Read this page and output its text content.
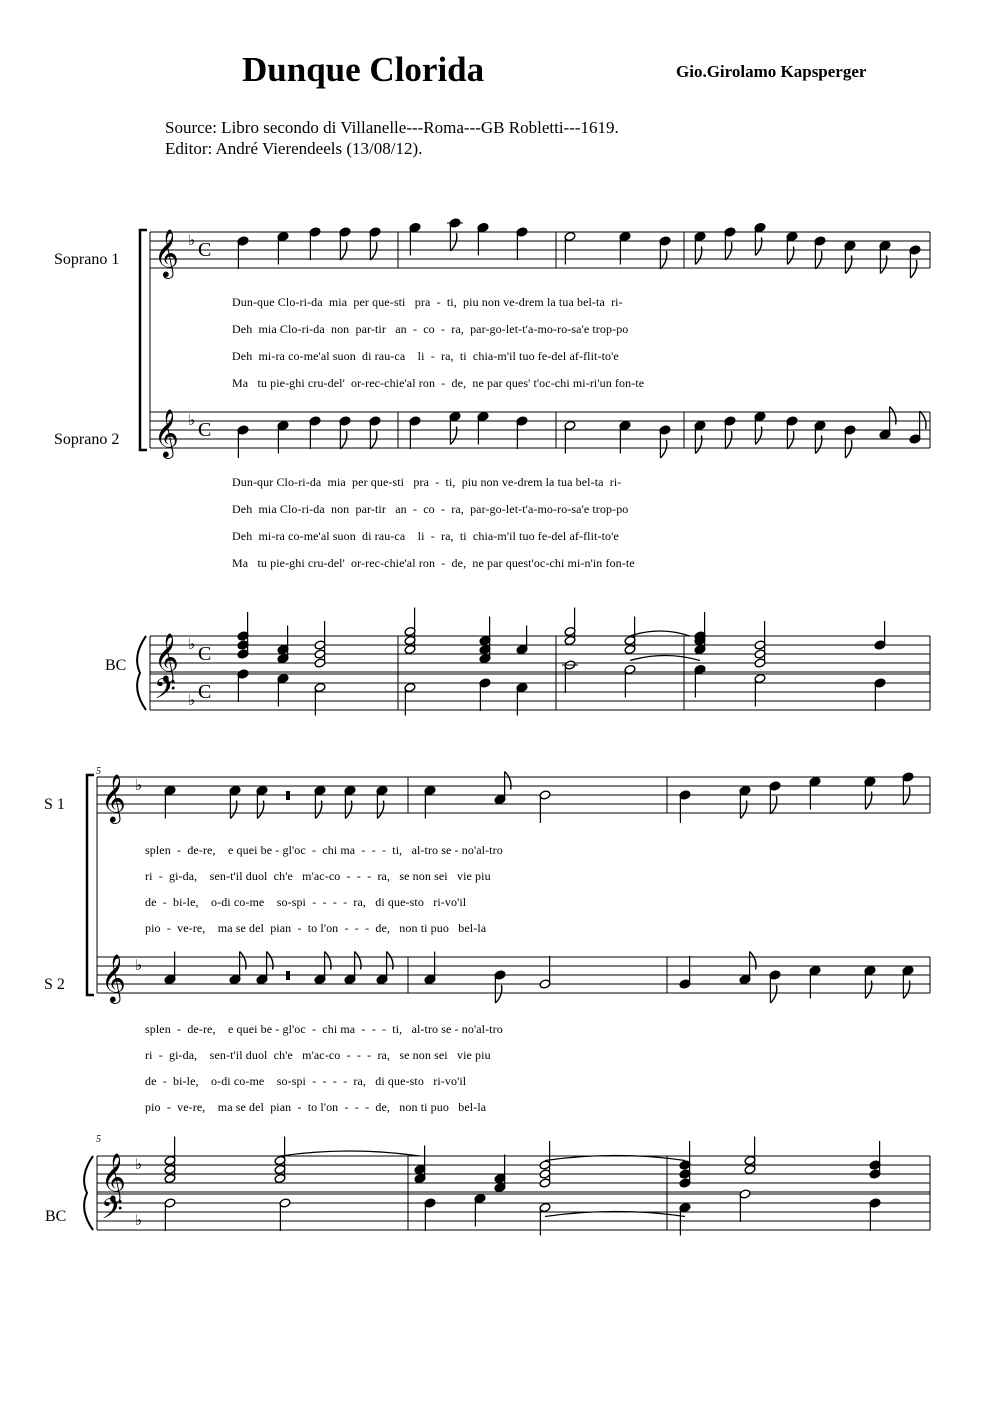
Dunque Clorida	Gio.Girolamo Kapsperger
Source: Libro secondo di Villanelle---Roma---GB Robletti---1619.
Editor: André Vierendeels (13/08/12).
Soprano 1
Soprano 2
BC
S 1
S 2
BC
Dun-que Clo-ri-da  mia  per que-sti   pra  -  ti,  piu non ve-drem la tua bel-ta  ri-
Deh  mia Clo-ri-da  non  par-tir   an  -  co  -  ra,  par-go-let-t'a-mo-ro-sa'e trop-po
Deh  mi-ra co-me'al suon  di rau-ca    li  -  ra,  ti  chia-m'il tuo fe-del af-flit-to'e
Ma   tu pie-ghi cru-del'  or-rec-chie'al ron  -  de,  ne par ques' t'oc-chi mi-ri'un fon-te
Dun-qur Clo-ri-da  mia  per que-sti   pra  -  ti,  piu non ve-drem la tua bel-ta  ri-
Deh  mia Clo-ri-da  non  par-tir   an  -  co  -  ra,  par-go-let-t'a-mo-ro-sa'e trop-po
Deh  mi-ra co-me'al suon  di rau-ca    li  -  ra,  ti  chia-m'il tuo fe-del af-flit-to'e
Ma   tu pie-ghi cru-del'  or-rec-chie'al ron  -  de,  ne par quest'oc-chi mi-n'in fon-te
splen  -  de-re,    e quei be - gl'oc  -  chi ma  -  -  -  ti,   al-tro se - no'al-tro
ri  -  gi-da,    sen-t'il duol  ch'e   m'ac-co  -  -  -  ra,   se non sei   vie piu
de  -  bi-le,    o-di co-me    so-spi  -  -  -  -  ra,   di que-sto   ri-vo'il
pio  -  ve-re,    ma se del  pian  -  to l'on  -  -  -  de,   non ti puo   bel-la
splen  -  de-re,    e quei be - gl'oc  -  chi ma  -  -  -  ti,   al-tro se - no'al-tro
ri  -  gi-da,    sen-t'il duol  ch'e   m'ac-co  -  -  -  ra,   se non sei   vie piu
de  -  bi-le,    o-di co-me    so-spi  -  -  -  -  ra,   di que-sto   ri-vo'il
pio  -  ve-re,    ma se del  pian  -  to l'on  -  -  -  de,   non ti puo   bel-la
5
5
𝄞 ♭ C
𝄞 ♭ C
𝄞 ♭ C
𝄢 ♭ C
𝄞 ♭
𝄞 ♭
𝄞 ♭
𝄢 ♭
